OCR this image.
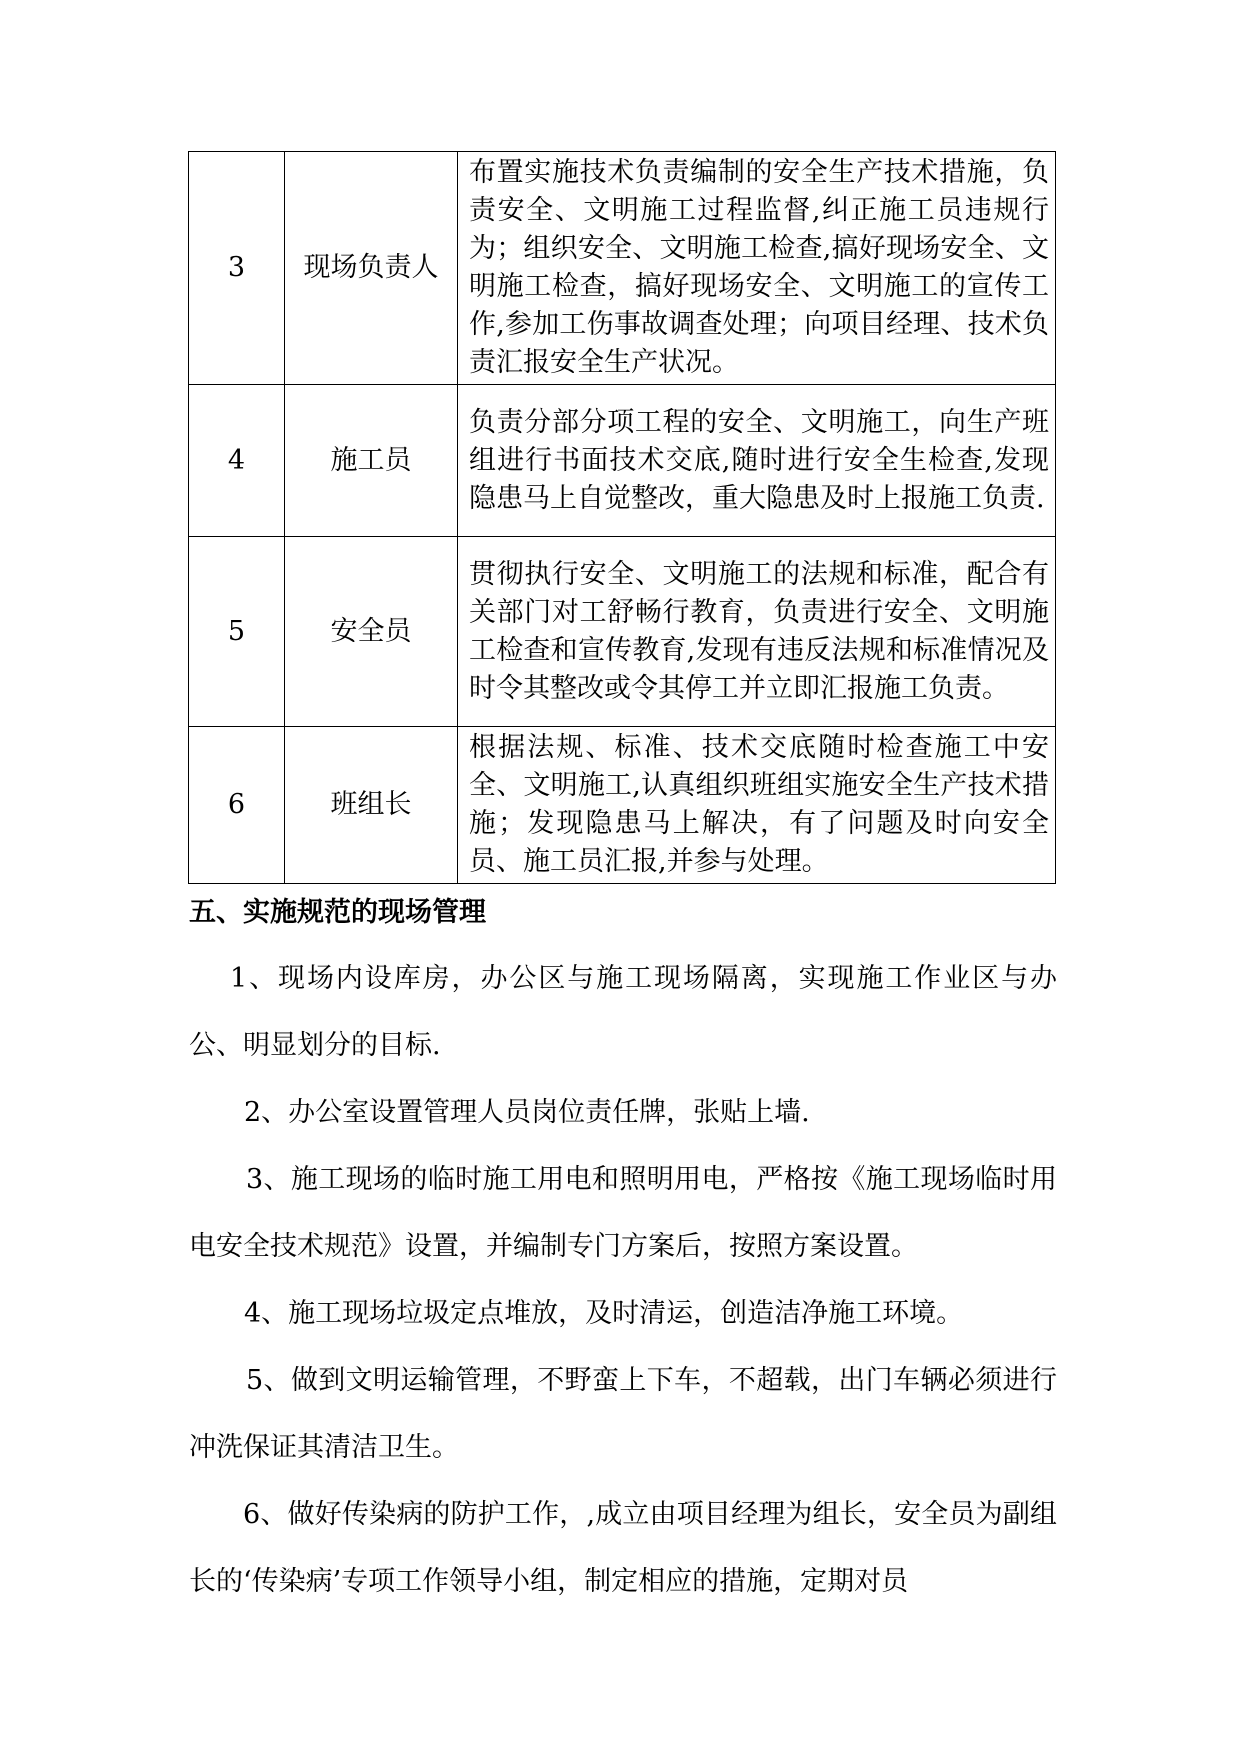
3	现场负责人	布置实施技术负责编制的安全生产技术措施，负责安全、文明施工过程监督,纠正施工员违规行为；组织安全、文明施工检查,搞好现场安全、文明施工检查，搞好现场安全、文明施工的宣传工作,参加工伤事故调查处理；向项目经理、技术负责汇报安全生产状况。
4	施工员	负责分部分项工程的安全、文明施工，向生产班组进行书面技术交底,随时进行安全生检查,发现隐患马上自觉整改，重大隐患及时上报施工负责.
5	安全员	贯彻执行安全、文明施工的法规和标准，配合有关部门对工舒畅行教育，负责进行安全、文明施工检查和宣传教育,发现有违反法规和标准情况及时令其整改或令其停工并立即汇报施工负责。
6	班组长	根据法规、标准、技术交底随时检查施工中安全、文明施工,认真组织班组实施安全生产技术措施；发现隐患马上解决，有了问题及时向安全员、施工员汇报,并参与处理。
五、实施规范的现场管理

1、现场内设库房，办公区与施工现场隔离，实现施工作业区与办公、明显划分的目标.

2、办公室设置管理人员岗位责任牌，张贴上墙.

3、施工现场的临时施工用电和照明用电，严格按《施工现场临时用电安全技术规范》设置，并编制专门方案后，按照方案设置。

4、施工现场垃圾定点堆放，及时清运，创造洁净施工环境。

5、做到文明运输管理，不野蛮上下车，不超载，出门车辆必须进行冲洗保证其清洁卫生。

6、做好传染病的防护工作，,成立由项目经理为组长，安全员为副组长的‘传染病’专项工作领导小组，制定相应的措施，定期对员
